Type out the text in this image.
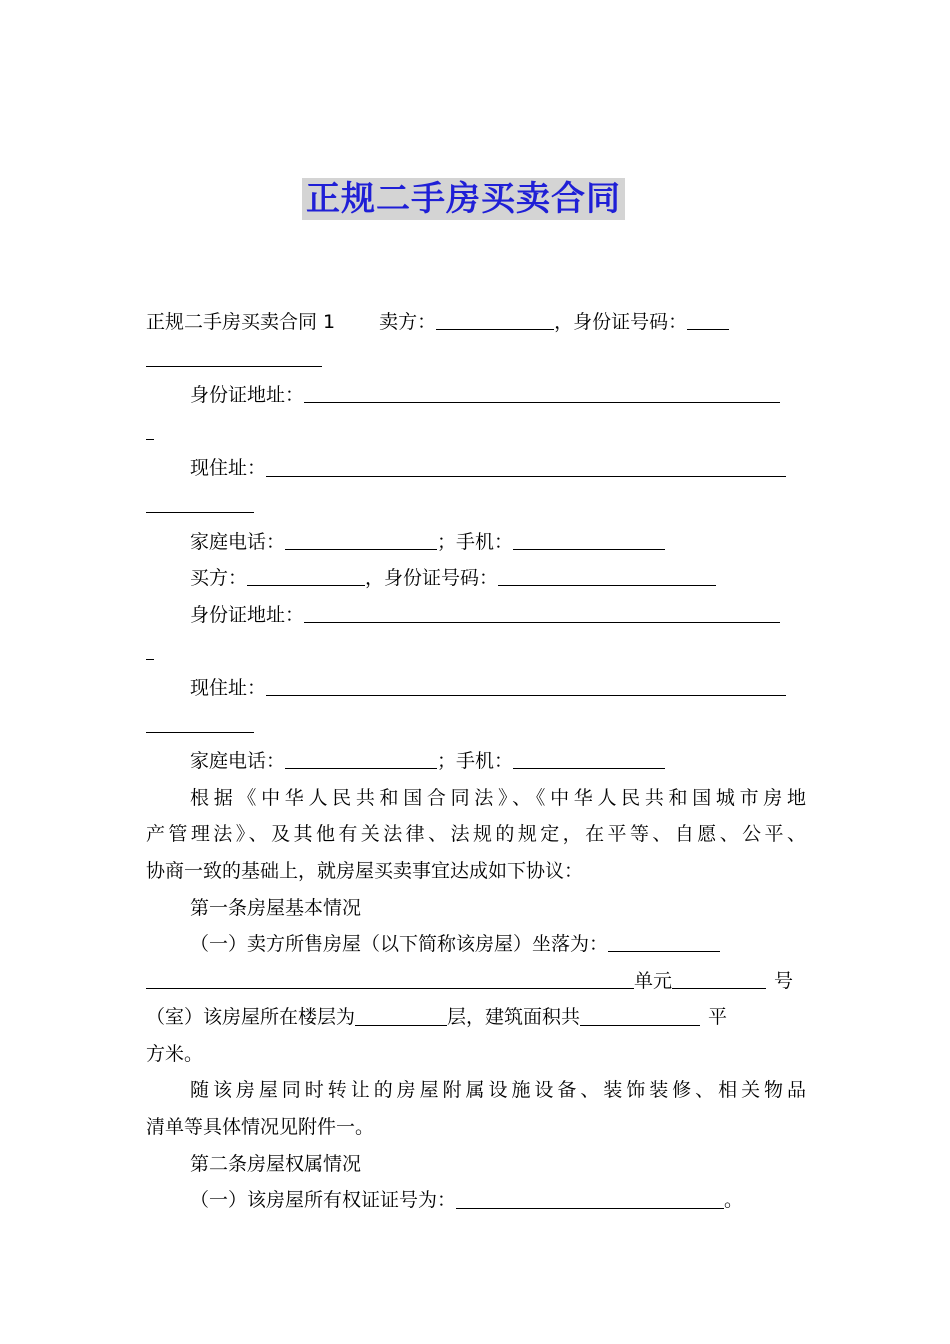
正规二手房买卖合同
正规二手房买卖合同 1 卖方：	，身份证号码：
身份证地址：
现住址：
家庭电话：	；手机：
买方：	，身份证号码：
身份证地址：
现住址：
家庭电话：	；手机：
根据《中华人民共和国合同法》、《中华人民共和国城市房地
产管理法》、及其他有关法律、法规的规定，在平等、自愿、公平、
协商一致的基础上，就房屋买卖事宜达成如下协议：
第一条房屋基本情况
（一）卖方所售房屋（以下简称该房屋）坐落为：
单元	号
（室）该房屋所在楼层为	层，建筑面积共	平
方米。
随该房屋同时转让的房屋附属设施设备、装饰装修、相关物品
清单等具体情况见附件一。
第二条房屋权属情况
（一）该房屋所有权证证号为：	。
